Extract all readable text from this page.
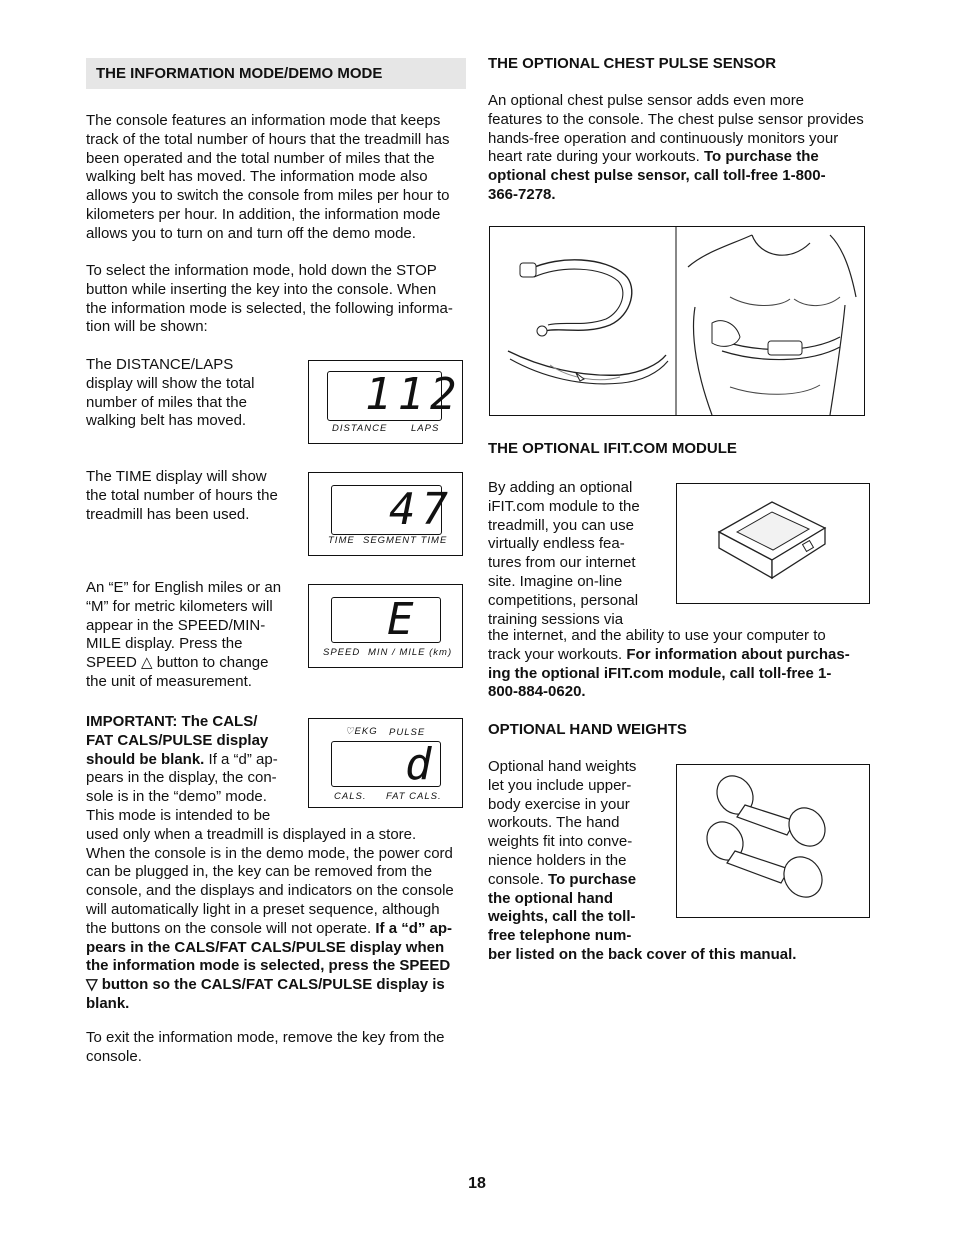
THE INFORMATION MODE/DEMO MODE
The console features an information mode that keeps
track of the total number of hours that the treadmill has
been operated and the total number of miles that the
walking belt has moved. The information mode also
allows you to switch the console from miles per hour to
kilometers per hour. In addition, the information mode
allows you to turn on and turn off the demo mode.
To select the information mode, hold down the STOP
button while inserting the key into the console. When
the information mode is selected, the following informa-
tion will be shown:
The DISTANCE/LAPS
display will show the total
number of miles that the
walking belt has moved.
The TIME display will show
the total number of hours the
treadmill has been used.
An “E” for English miles or an
“M” for metric kilometers will
appear in the SPEED/MIN-
MILE display. Press the
SPEED △ button to change
the unit of measurement.
IMPORTANT: The CALS/
FAT CALS/PULSE display
should be blank. If a “d” ap-
pears in the display, the con-
sole is in the “demo” mode.
This mode is intended to be
used only when a treadmill is displayed in a store.
When the console is in the demo mode, the power cord
can be plugged in, the key can be removed from the
console, and the displays and indicators on the console
will automatically light in a preset sequence, although
the buttons on the console will not operate. If a “d” ap-
pears in the CALS/FAT CALS/PULSE display when
the information mode is selected, press the SPEED
▽ button so the CALS/FAT CALS/PULSE display is
blank.
To exit the information mode, remove the key from the
console.
112
DISTANCE LAPS
47
TIME SEGMENT TIME
E
SPEED MIN / MILE (km)
♡EKG PULSE
d
CALS. FAT CALS.
THE OPTIONAL CHEST PULSE SENSOR
An optional chest pulse sensor adds even more
features to the console. The chest pulse sensor provides
hands-free operation and continuously monitors your
heart rate during your workouts. To purchase the
optional chest pulse sensor, call toll-free 1-800-
366-7278.
THE OPTIONAL IFIT.COM MODULE
By adding an optional
iFIT.com module to the
treadmill, you can use
virtually endless fea-
tures from our internet
site. Imagine on-line
competitions, personal
training sessions via
the internet, and the ability to use your computer to
track your workouts. For information about purchas-
ing the optional iFIT.com module, call toll-free 1-
800-884-0620.
OPTIONAL HAND WEIGHTS
Optional hand weights
let you include upper-
body exercise in your
workouts. The hand
weights fit into conve-
nience holders in the
console. To purchase
the optional hand
weights, call the toll-
free telephone num-
ber listed on the back cover of this manual.
18
